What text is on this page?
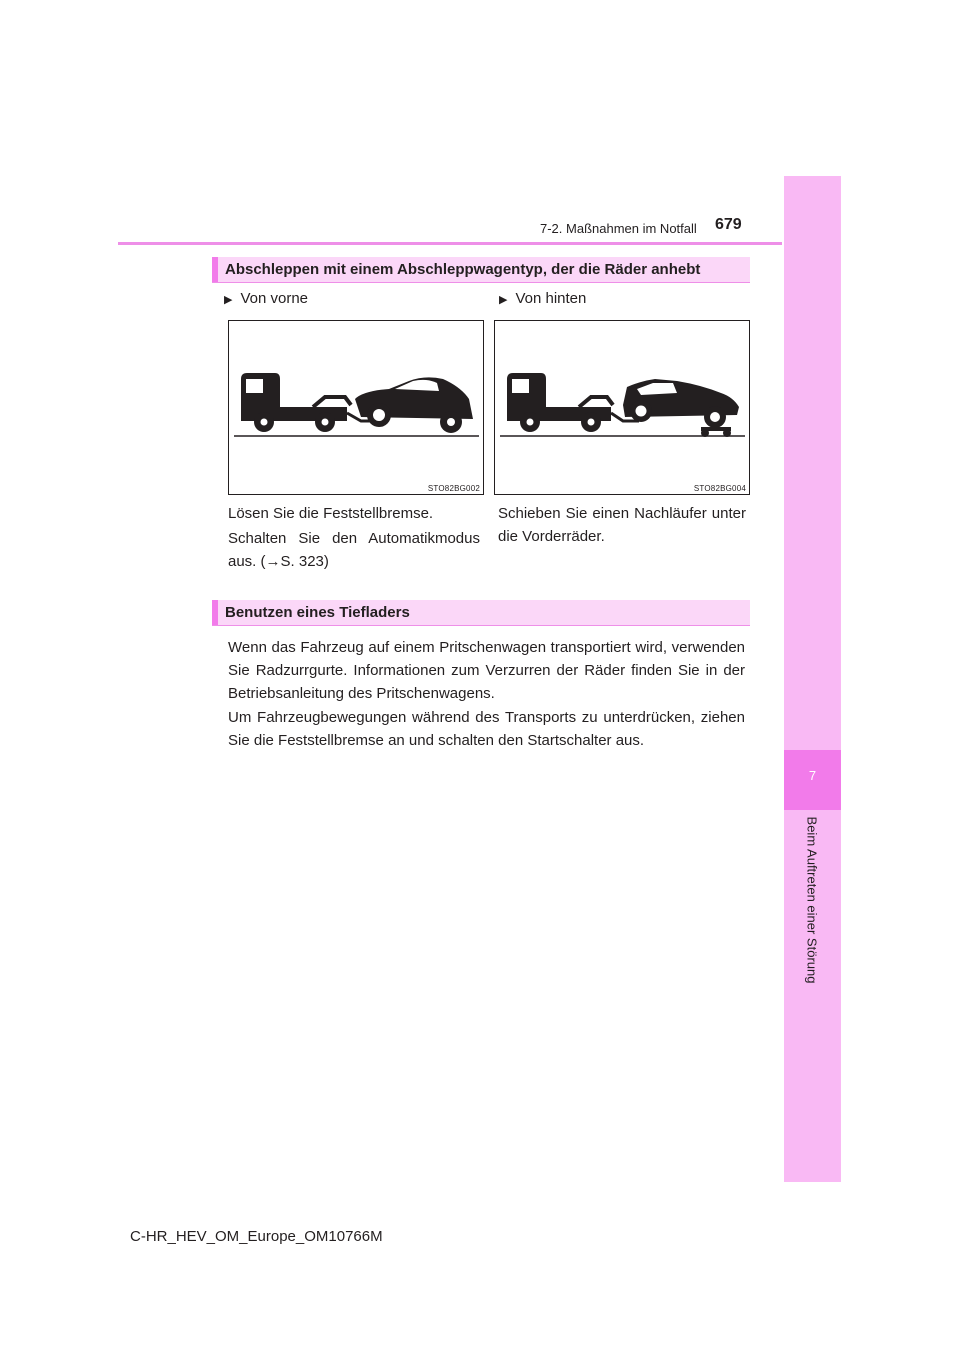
7-2. Maßnahmen im Notfall 679
7
Beim Auftreten einer Störung
Abschleppen mit einem Abschleppwagentyp, der die Räder anhebt
▶ Von vorne	▶ Von hinten
STO82BG002	STO82BG004
Lösen Sie die Feststellbremse.
Schalten Sie den Automatikmodus aus. (→S. 323)
Schieben Sie einen Nachläufer unter die Vorderräder.
Benutzen eines Tiefladers
Wenn das Fahrzeug auf einem Pritschenwagen transportiert wird, verwenden Sie Radzurrgurte. Informationen zum Verzurren der Räder finden Sie in der Betriebsanleitung des Pritschenwagens.
Um Fahrzeugbewegungen während des Transports zu unterdrücken, ziehen Sie die Feststellbremse an und schalten den Startschalter aus.
C-HR_HEV_OM_Europe_OM10766M
